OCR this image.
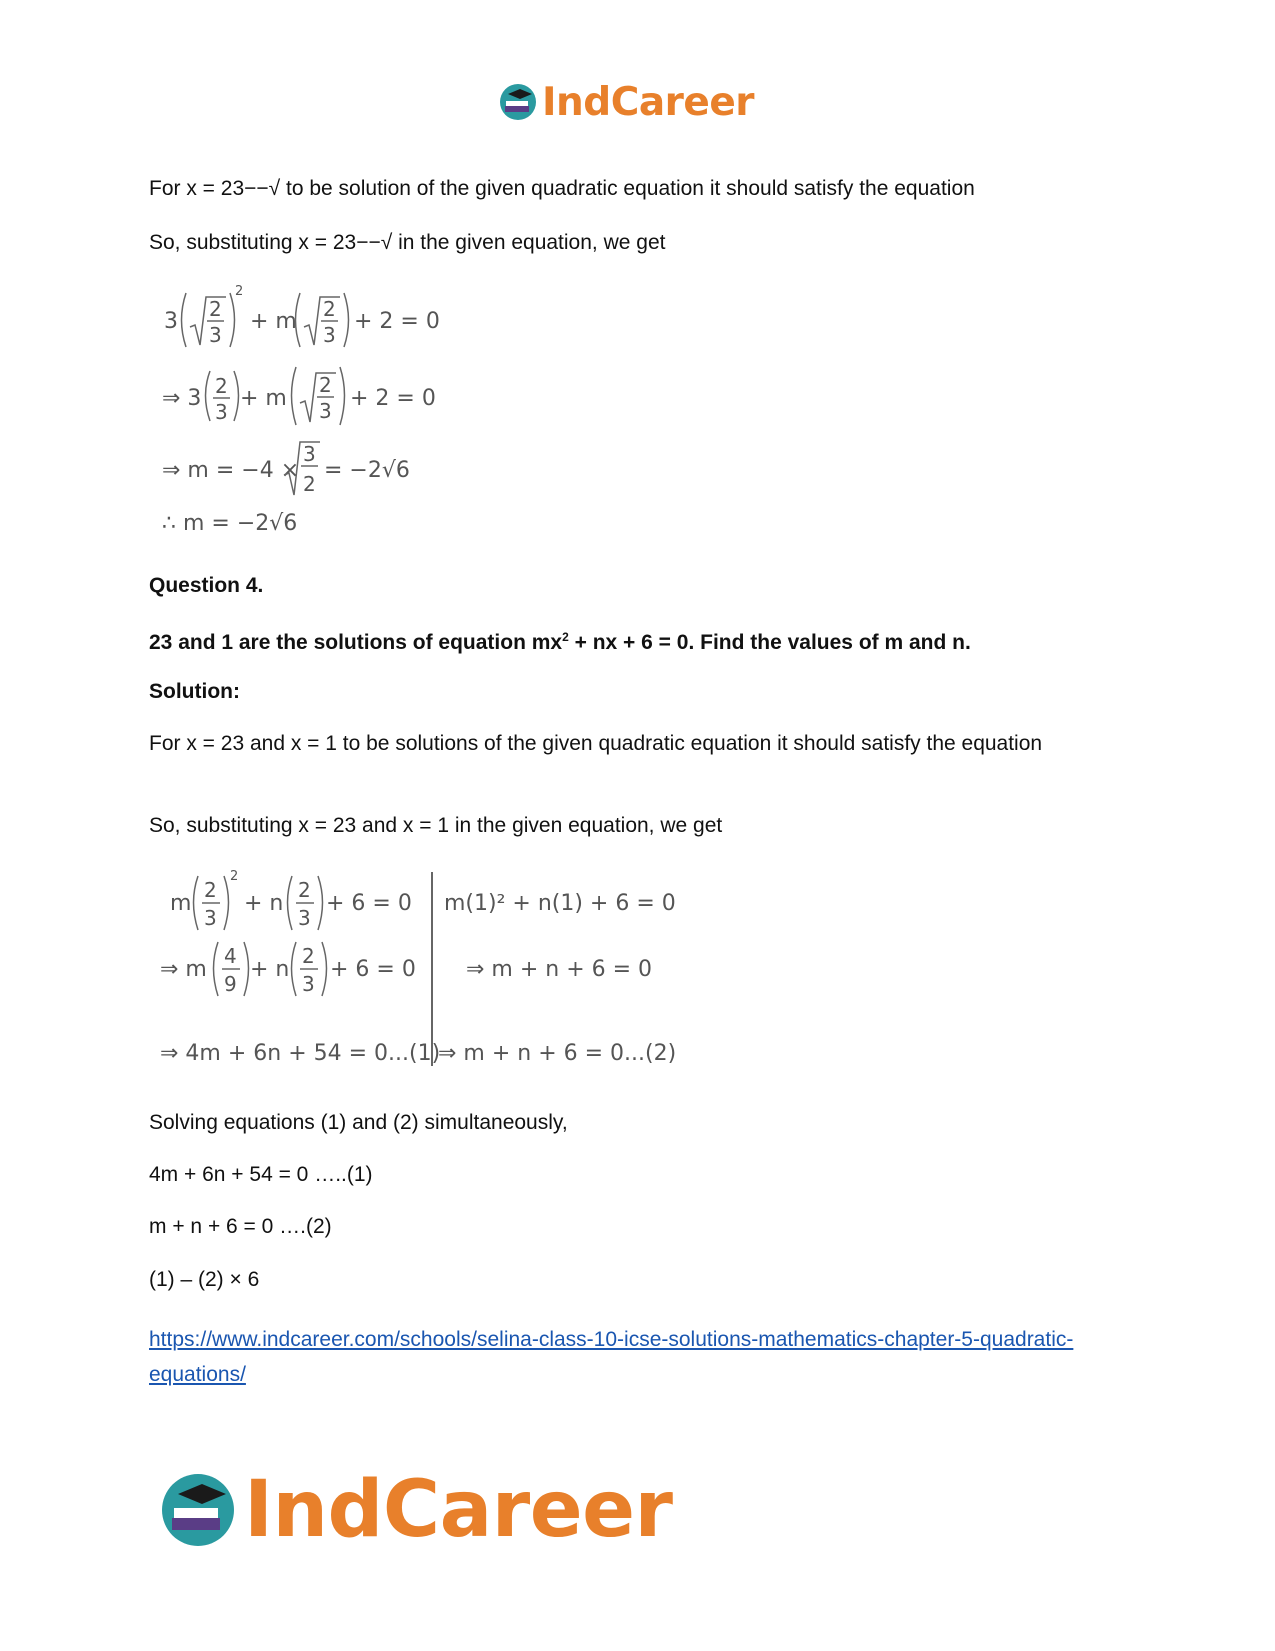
IndCareer

For x = 23−−√ to be solution of the given quadratic equation it should satisfy the equation

So, substituting x = 23−−√ in the given equation, we get

3 2
3
2
+ m 2
3
+ 2 = 0
⇒ 3 2
3
+ m
2
3 + 2 = 0
⇒ m = −4 ×
3
2
= −2√6
∴ m = −2√6

Question 4.

23 and 1 are the solutions of equation $mx^2$ + nx + 6 = 0. Find the values of m and n.

Solution:

For x = 23 and x = 1 to be solutions of the given quadratic equation it should satisfy the equation

So, substituting x = 23 and x = 1 in the given equation, we get

m
2
3
2
+ n
2
3
+ 6 = 0
⇒ m
4
9
+ n
2
3
+ 6 = 0
⇒ 4m + 6n + 54 = 0...(1)
m(1)² + n(1) + 6 = 0
⇒ m + n + 6 = 0
⇒ m + n + 6 = 0...(2)

Solving equations (1) and (2) simultaneously,

4m + 6n + 54 = 0 …..(1)

m + n + 6 = 0 ….(2)

(1) – (2) × 6

https://www.indcareer.com/schools/selina-class-10-icse-solutions-mathematics-chapter-5-quadratic-equations/

IndCareer
